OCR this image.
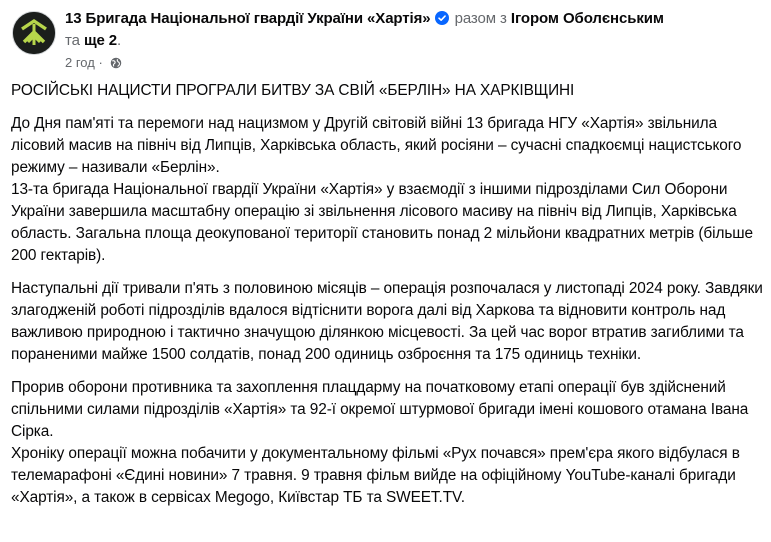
13 Бригада Національної гвардії України «Хартія» разом з Ігором Оболєнським
та ще 2.
2 год ·

РОСІЙСЬКІ НАЦИСТИ ПРОГРАЛИ БИТВУ ЗА СВІЙ «БЕРЛІН» НА ХАРКІВЩИНІ

До Дня пам'яті та перемоги над нацизмом у Другій світовій війні 13 бригада НГУ «Хартія» звільнила лісовий масив на північ від Липців, Харківська область, який росіяни – сучасні спадкоємці нацистського режиму – називали «Берлін».
13-та бригада Національної гвардії України «Хартія» у взаємодії з іншими підрозділами Сил Оборони України завершила масштабну операцію зі звільнення лісового масиву на північ від Липців, Харківська область. Загальна площа деокупованої території становить понад 2 мільйони квадратних метрів (більше 200 гектарів).

Наступальні дії тривали п'ять з половиною місяців – операція розпочалася у листопаді 2024 року. Завдяки злагодженій роботі підрозділів вдалося відтіснити ворога далі від Харкова та відновити контроль над важливою природною і тактично значущою ділянкою місцевості. За цей час ворог втратив загиблими та пораненими майже 1500 солдатів, понад 200 одиниць озброєння та 175 одиниць техніки.

Прорив оборони противника та захоплення плацдарму на початковому етапі операції був здійснений спільними силами підрозділів «Хартія» та 92-ї окремої штурмової бригади імені кошового отамана Івана Сірка.
Хроніку операції можна побачити у документальному фільмі «Рух почався» прем'єра якого відбулася в телемарафоні «Єдині новини» 7 травня. 9 травня фільм вийде на офіційному YouTube-каналі бригади «Хартія», а також в сервісах Megogo, Київстар ТБ та SWEET.TV.
